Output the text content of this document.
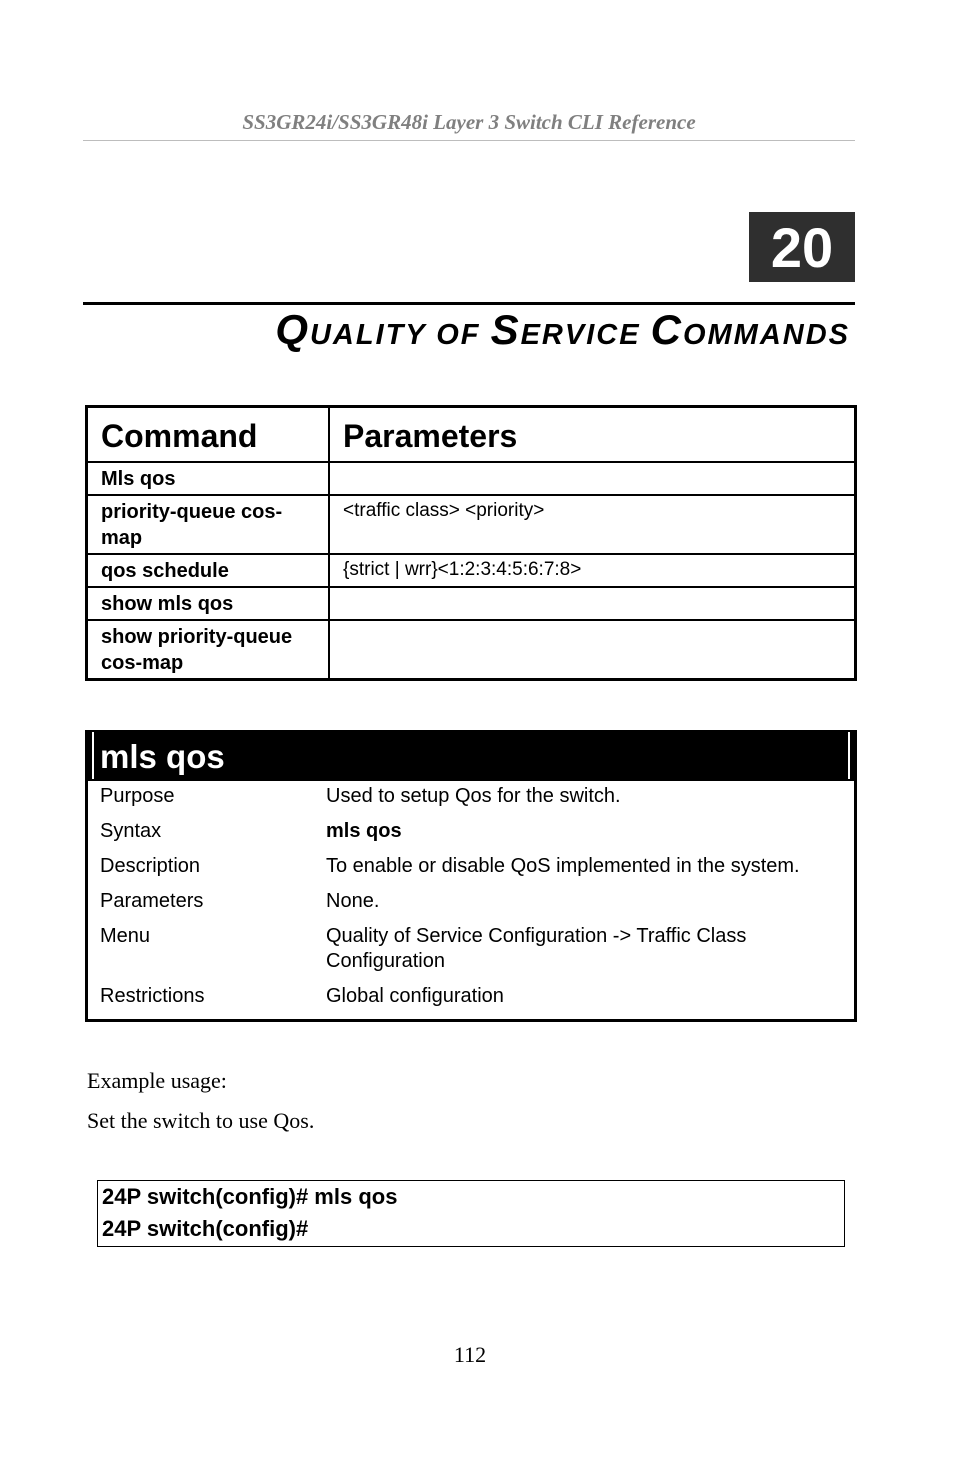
SS3GR24i/SS3GR48i Layer 3 Switch CLI Reference
20
QUALITY OF SERVICE COMMANDS
Command	Parameters
Mls qos	
priority-queue cos-map	<traffic class> <priority>
qos schedule	{strict | wrr}<1:2:3:4:5:6:7:8>
show mls qos	
show priority-queue cos-map	
mls qos
Purpose	Used to setup Qos for the switch.
Syntax	mls qos
Description	To enable or disable QoS implemented in the system.
Parameters	None.
Menu	Quality of Service Configuration -> Traffic Class Configuration
Restrictions	Global configuration
Example usage:
Set the switch to use Qos.
24P switch(config)# mls qos
24P switch(config)#
112
